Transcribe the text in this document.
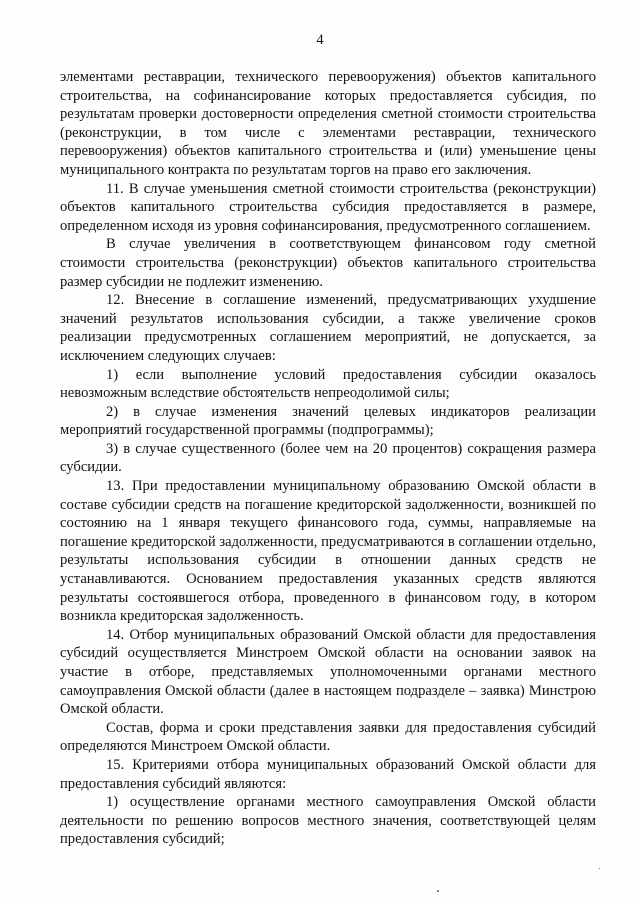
4

элементами реставрации, технического перевооружения) объектов капитального строительства, на софинансирование которых предоставляется субсидия, по результатам проверки достоверности определения сметной стоимости строительства (реконструкции, в том числе с элементами реставрации, технического перевооружения) объектов капитального строительства и (или) уменьшение цены муниципального контракта по результатам торгов на право его заключения.

11. В случае уменьшения сметной стоимости строительства (реконструкции) объектов капитального строительства субсидия предоставляется в размере, определенном исходя из уровня софинансирования, предусмотренного соглашением.

В случае увеличения в соответствующем финансовом году сметной стоимости строительства (реконструкции) объектов капитального строительства размер субсидии не подлежит изменению.

12. Внесение в соглашение изменений, предусматривающих ухудшение значений результатов использования субсидии, а также увеличение сроков реализации предусмотренных соглашением мероприятий, не допускается, за исключением следующих случаев:

1) если выполнение условий предоставления субсидии оказалось невозможным вследствие обстоятельств непреодолимой силы;

2) в случае изменения значений целевых индикаторов реализации мероприятий государственной программы (подпрограммы);

3) в случае существенного (более чем на 20 процентов) сокращения размера субсидии.

13. При предоставлении муниципальному образованию Омской области в составе субсидии средств на погашение кредиторской задолженности, возникшей по состоянию на 1 января текущего финансового года, суммы, направляемые на погашение кредиторской задолженности, предусматриваются в соглашении отдельно, результаты использования субсидии в отношении данных средств не устанавливаются. Основанием предоставления указанных средств являются результаты состоявшегося отбора, проведенного в финансовом году, в котором возникла кредиторская задолженность.

14. Отбор муниципальных образований Омской области для предоставления субсидий осуществляется Минстроем Омской области на основании заявок на участие в отборе, представляемых уполномоченными органами местного самоуправления Омской области (далее в настоящем подразделе – заявка) Минстрою Омской области.

Состав, форма и сроки представления заявки для предоставления субсидий определяются Минстроем Омской области.

15. Критериями отбора муниципальных образований Омской области для предоставления субсидий являются:

1) осуществление органами местного самоуправления Омской области деятельности по решению вопросов местного значения, соответствующей целям предоставления субсидий;
